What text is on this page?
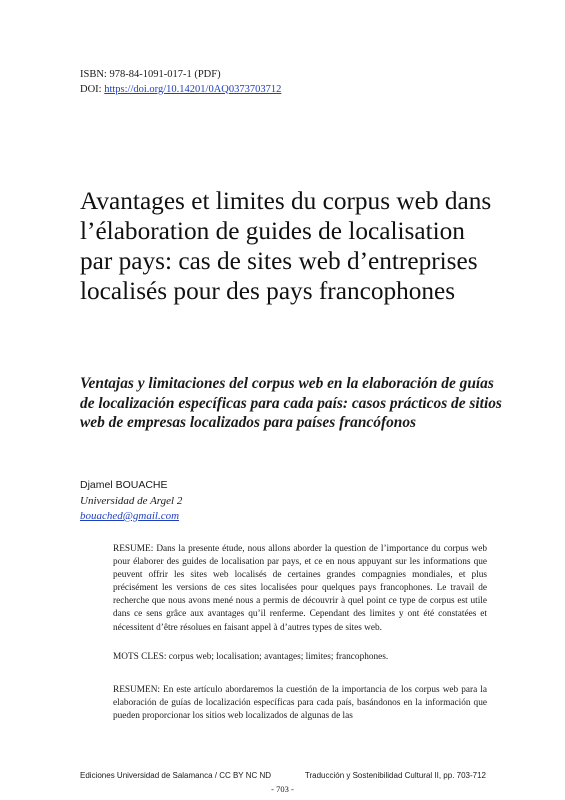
ISBN: 978-84-1091-017-1 (PDF)
DOI: https://doi.org/10.14201/0AQ0373703712
Avantages et limites du corpus web dans l’élaboration de guides de localisation par pays: cas de sites web d’entreprises localisés pour des pays francophones
Ventajas y limitaciones del corpus web en la elaboración de guías de localización específicas para cada país: casos prácticos de sitios web de empresas localizados para países francófonos
Djamel BOUACHE
Universidad de Argel 2
bouached@gmail.com

RESUME: Dans la presente étude, nous allons aborder la question de l’importance du corpus web pour élaborer des guides de localisation par pays, et ce en nous appuyant sur les informations que peuvent offrir les sites web localisés de certaines grandes compagnies mondiales, et plus précisément les versions de ces sites localisées pour quelques pays francophones. Le travail de recherche que nous avons mené nous a permis de découvrir à quel point ce type de corpus est utile dans ce sens grâce aux avantages qu’il renferme. Cependant des limites y ont été constatées et nécessitent d’être résolues en faisant appel à d’autres types de sites web.

MOTS CLES: corpus web; localisation; avantages; limites; francophones.

RESUMEN: En este artículo abordaremos la cuestión de la importancia de los corpus web para la elaboración de guías de localización específicas para cada país, basándonos en la información que pueden proporcionar los sitios web localizados de algunas de las

Ediciones Universidad de Salamanca / CC BY NC ND	Traducción y Sostenibilidad Cultural II, pp. 703-712
- 703 -
